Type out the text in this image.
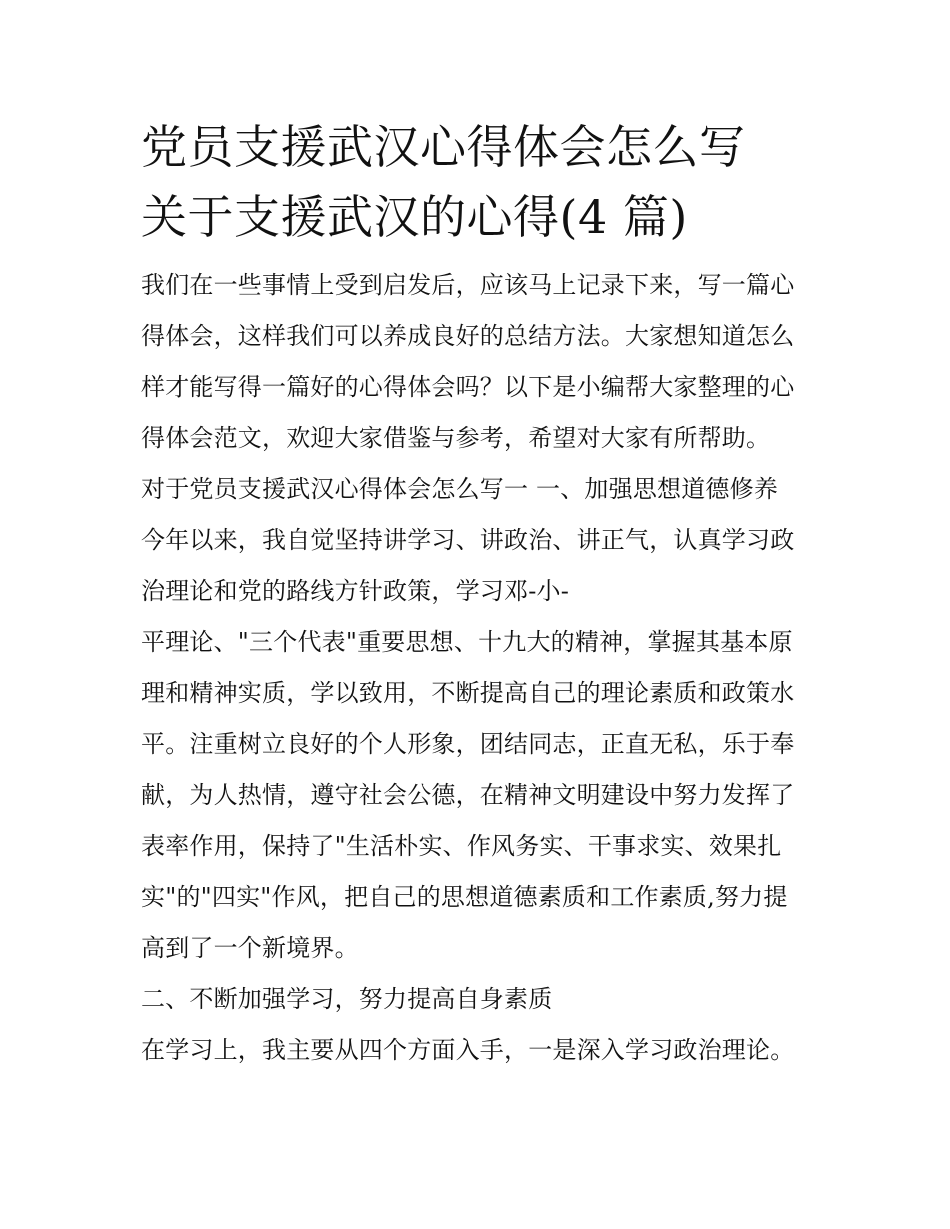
党员支援武汉心得体会怎么写
关于支援武汉的心得(4 篇)

我们在一些事情上受到启发后，应该马上记录下来，写一篇心

得体会，这样我们可以养成良好的总结方法。大家想知道怎么

样才能写得一篇好的心得体会吗？以下是小编帮大家整理的心

得体会范文，欢迎大家借鉴与参考，希望对大家有所帮助。

对于党员支援武汉心得体会怎么写一 一、加强思想道德修养

今年以来，我自觉坚持讲学习、讲政治、讲正气，认真学习政

治理论和党的路线方针政策，学习邓-小-

平理论、"三个代表"重要思想、十九大的精神，掌握其基本原

理和精神实质，学以致用，不断提高自己的理论素质和政策水

平。注重树立良好的个人形象，团结同志，正直无私，乐于奉

献，为人热情，遵守社会公德，在精神文明建设中努力发挥了

表率作用，保持了"生活朴实、作风务实、干事求实、效果扎

实"的"四实"作风，把自己的思想道德素质和工作素质,努力提

高到了一个新境界。

二、不断加强学习，努力提高自身素质

在学习上，我主要从四个方面入手，一是深入学习政治理论。
